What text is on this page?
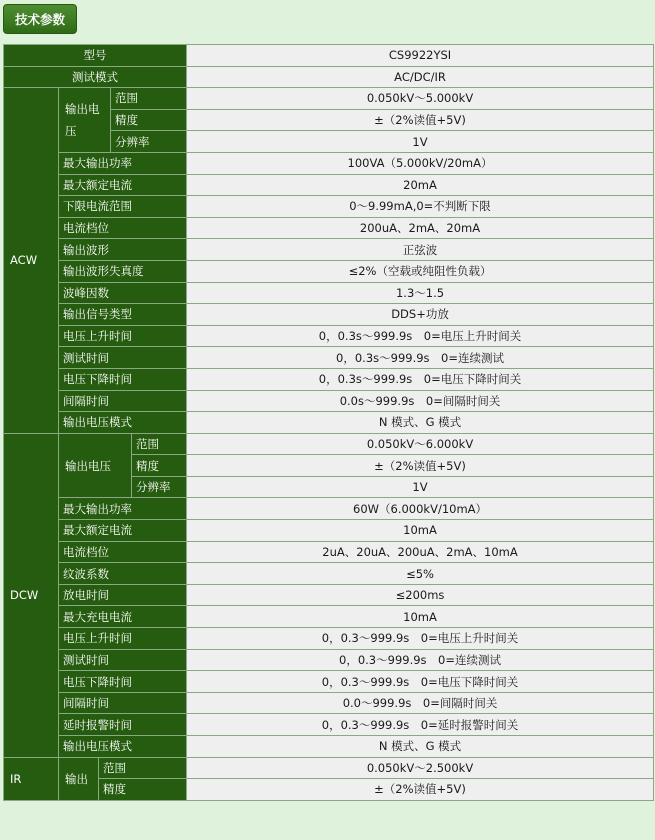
技术参数
型号					CS9922YSI
测试模式					AC/DC/IR
ACW	输出电压		范围		0.050kV～5.000kV
			精度		±（2%读值+5V)
			分辨率		1V
	最大输出功率				100VA（5.000kV/20mA）
	最大额定电流				20mA
	下限电流范围				0～9.99mA,0=不判断下限
	电流档位				200uA、2mA、20mA
	输出波形				正弦波
	输出波形失真度				≤2%（空载或纯阻性负载）
	波峰因数				1.3～1.5
	输出信号类型				DDS+功放
	电压上升时间				0，0.3s～999.9s　0=电压上升时间关
	测试时间				0，0.3s～999.9s　0=连续测试
	电压下降时间				0，0.3s～999.9s　0=电压下降时间关
	间隔时间				0.0s～999.9s　0=间隔时间关
	输出电压模式				N 模式、G 模式
DCW	输出电压			范围	0.050kV～6.000kV
				精度	±（2%读值+5V)
				分辨率	1V
	最大输出功率				60W（6.000kV/10mA）
	最大额定电流				10mA
	电流档位				2uA、20uA、200uA、2mA、10mA
	纹波系数				≤5%
	放电时间				≤200ms
	最大充电电流				10mA
	电压上升时间				0，0.3～999.9s　0=电压上升时间关
	测试时间				0，0.3～999.9s　0=连续测试
	电压下降时间				0，0.3～999.9s　0=电压下降时间关
	间隔时间				0.0～999.9s　0=间隔时间关
	延时报警时间				0，0.3～999.9s　0=延时报警时间关
	输出电压模式				N 模式、G 模式
IR	输出	范围			0.050kV～2.500kV
		精度			±（2%读值+5V)
